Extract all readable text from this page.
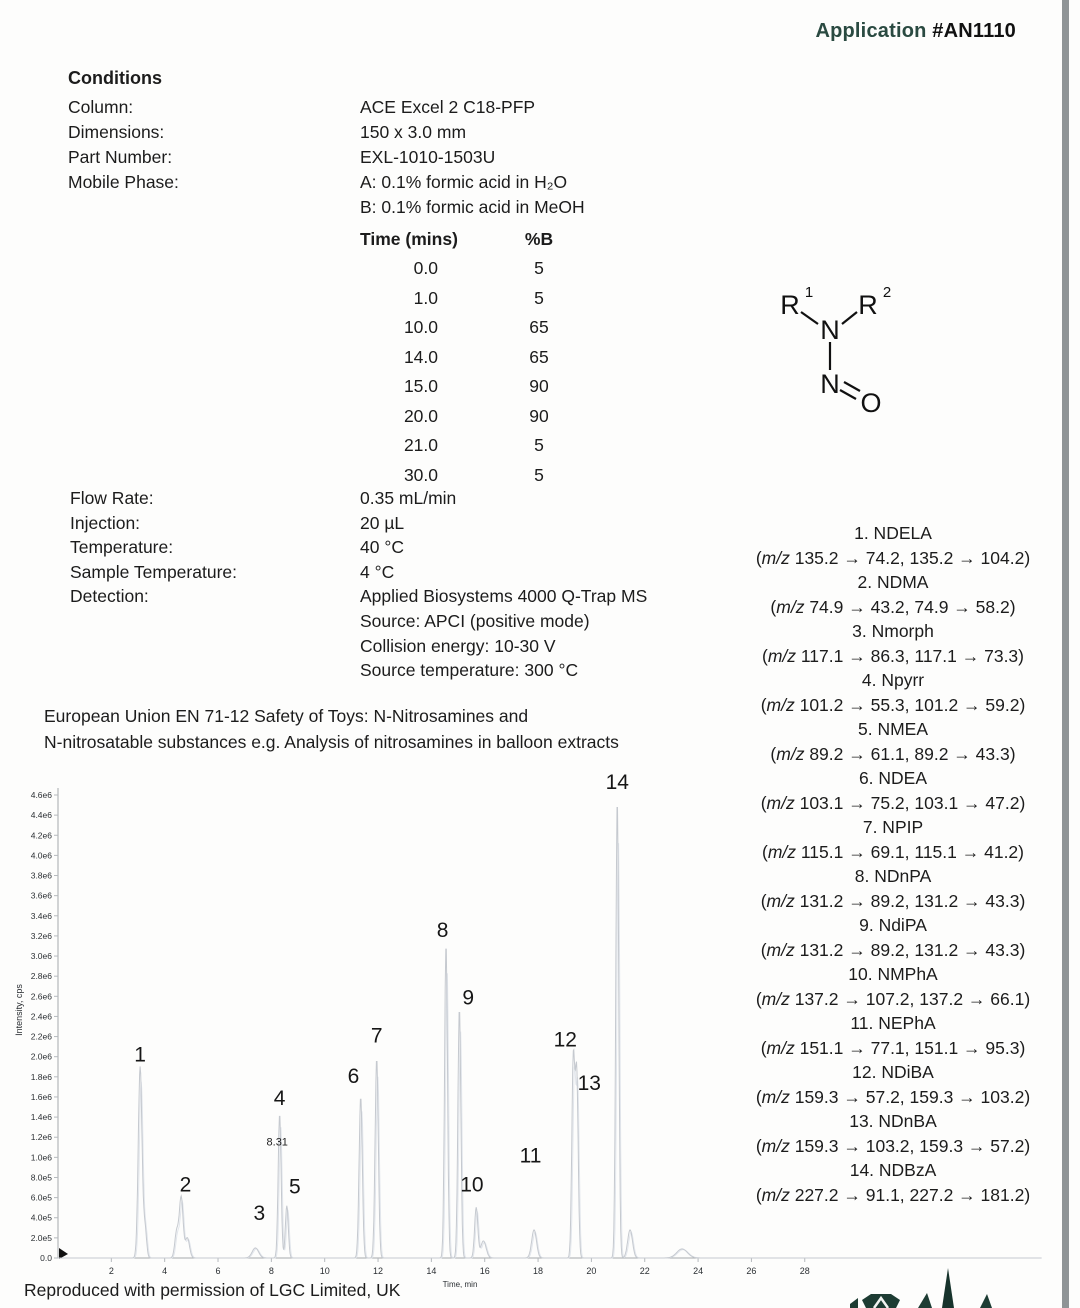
Application #AN1110
Conditions
Column:	ACE Excel 2 C18-PFP
Dimensions:	150 x 3.0 mm
Part Number:	EXL-1010-1503U
Mobile Phase:	A: 0.1% formic acid in H₂O
B: 0.1% formic acid in MeOH
Time (mins)	%B
0.0	5
1.0	5
10.0	65
14.0	65
15.0	90
20.0	90
21.0	5
30.0	5
Flow Rate:	0.35 mL/min
Injection:	20 µL
Temperature:	40 °C
Sample Temperature:	4 °C
Detection:	Applied Biosystems 4000 Q-Trap MS
Source: APCI (positive mode)
Collision energy: 10-30 V
Source temperature: 300 °C
R 1 R 2
N
N
O
European Union EN 71-12 Safety of Toys: N-Nitrosamines and
N-nitrosatable substances e.g. Analysis of nitrosamines in balloon extracts
0.0
2.0e5
4.0e5
6.0e5
8.0e5
1.0e6
1.2e6
1.4e6
1.6e6
1.8e6
2.0e6
2.2e6
2.4e6
2.6e6
2.8e6
3.0e6
3.2e6
3.4e6
3.6e6
3.8e6
4.0e6
4.2e6
4.4e6
4.6e6
2	4	6	8	10	12	14	16	18	20	22	24	26	28
Time, min
Intensity, cps
1
2
3
4
5
6
7
8
9
10
11
12
13
14
8.31
1. NDELA
(m/z 135.2 → 74.2, 135.2 → 104.2)
2. NDMA
(m/z 74.9 → 43.2, 74.9 → 58.2)
3. Nmorph
(m/z 117.1 → 86.3, 117.1 → 73.3)
4. Npyrr
(m/z 101.2 → 55.3, 101.2 → 59.2)
5. NMEA
(m/z 89.2 → 61.1, 89.2 → 43.3)
6. NDEA
(m/z 103.1 → 75.2, 103.1 → 47.2)
7. NPIP
(m/z 115.1 → 69.1, 115.1 → 41.2)
8. NDnPA
(m/z 131.2 → 89.2, 131.2 → 43.3)
9. NdiPA
(m/z 131.2 → 89.2, 131.2 → 43.3)
10. NMPhA
(m/z 137.2 → 107.2, 137.2 → 66.1)
11. NEPhA
(m/z 151.1 → 77.1, 151.1 → 95.3)
12. NDiBA
(m/z 159.3 → 57.2, 159.3 → 103.2)
13. NDnBA
(m/z 159.3 → 103.2, 159.3 → 57.2)
14. NDBzA
(m/z 227.2 → 91.1, 227.2 → 181.2)
Reproduced with permission of LGC Limited, UK
